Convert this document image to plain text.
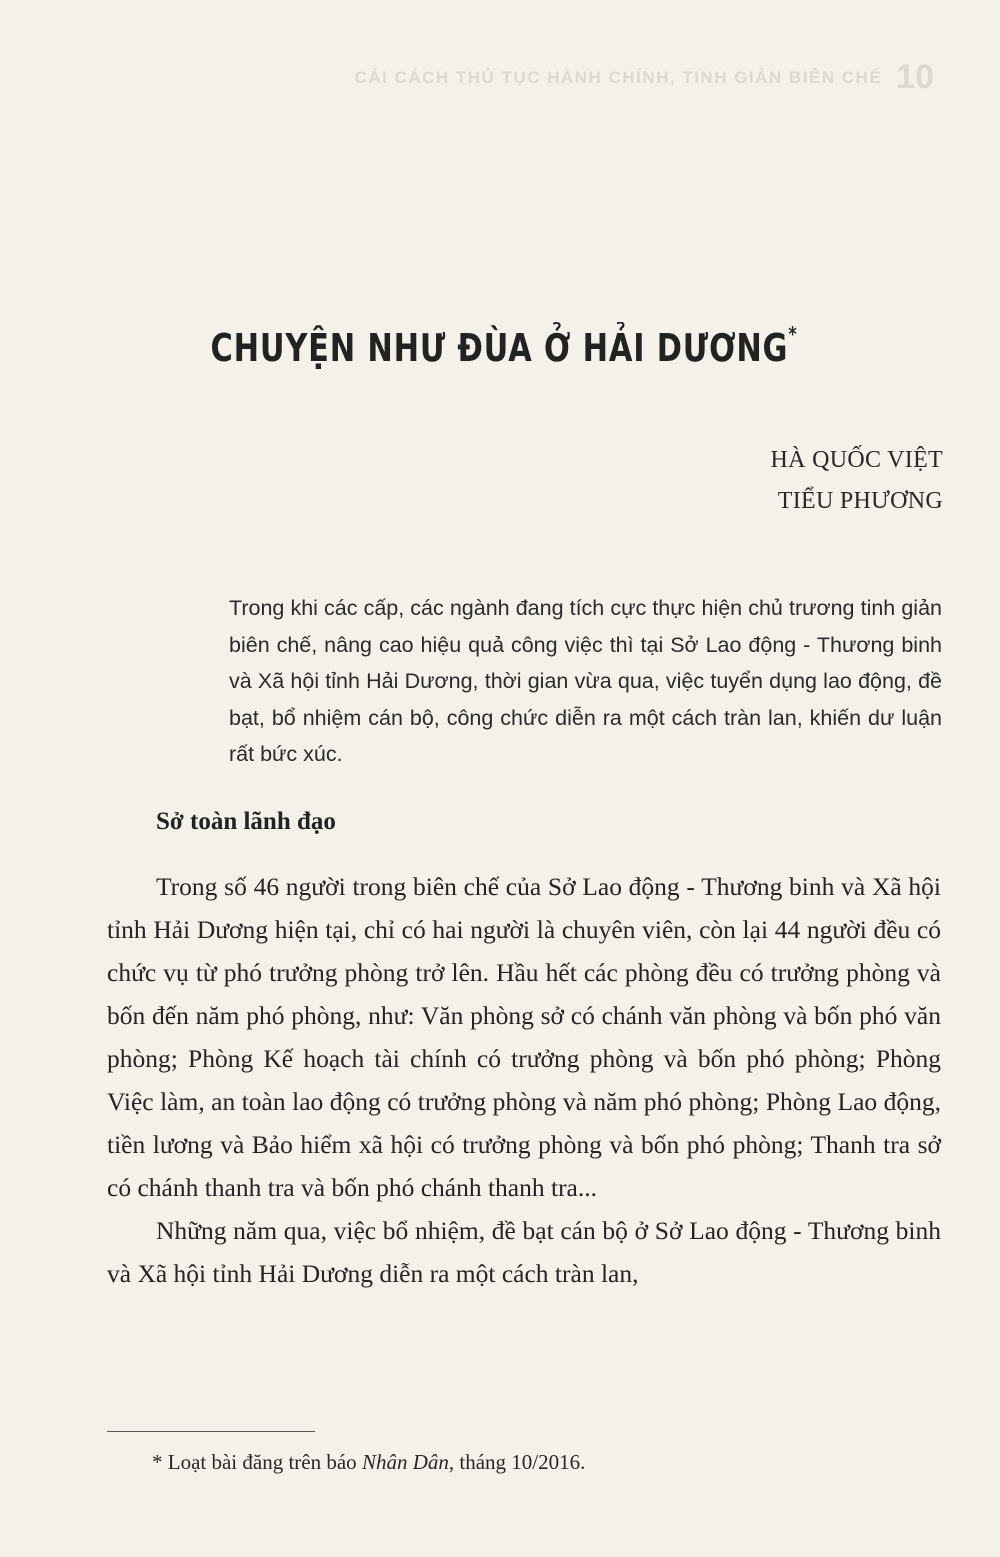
CẢI CÁCH THỦ TỤC HÀNH CHÍNH, TINH GIẢN BIÊN CHẾ 10
CHUYỆN NHƯ ĐÙA Ở HẢI DƯƠNG*
HÀ QUỐC VIỆT
TIỂU PHƯƠNG

Trong khi các cấp, các ngành đang tích cực thực hiện chủ trương tinh giản biên chế, nâng cao hiệu quả công việc thì tại Sở Lao động - Thương binh và Xã hội tỉnh Hải Dương, thời gian vừa qua, việc tuyển dụng lao động, đề bạt, bổ nhiệm cán bộ, công chức diễn ra một cách tràn lan, khiến dư luận rất bức xúc.

Sở toàn lãnh đạo

Trong số 46 người trong biên chế của Sở Lao động - Thương binh và Xã hội tỉnh Hải Dương hiện tại, chỉ có hai người là chuyên viên, còn lại 44 người đều có chức vụ từ phó trưởng phòng trở lên. Hầu hết các phòng đều có trưởng phòng và bốn đến năm phó phòng, như: Văn phòng sở có chánh văn phòng và bốn phó văn phòng; Phòng Kế hoạch tài chính có trưởng phòng và bốn phó phòng; Phòng Việc làm, an toàn lao động có trưởng phòng và năm phó phòng; Phòng Lao động, tiền lương và Bảo hiểm xã hội có trưởng phòng và bốn phó phòng; Thanh tra sở có chánh thanh tra và bốn phó chánh thanh tra...

Những năm qua, việc bổ nhiệm, đề bạt cán bộ ở Sở Lao động - Thương binh và Xã hội tỉnh Hải Dương diễn ra một cách tràn lan,

* Loạt bài đăng trên báo Nhân Dân, tháng 10/2016.
